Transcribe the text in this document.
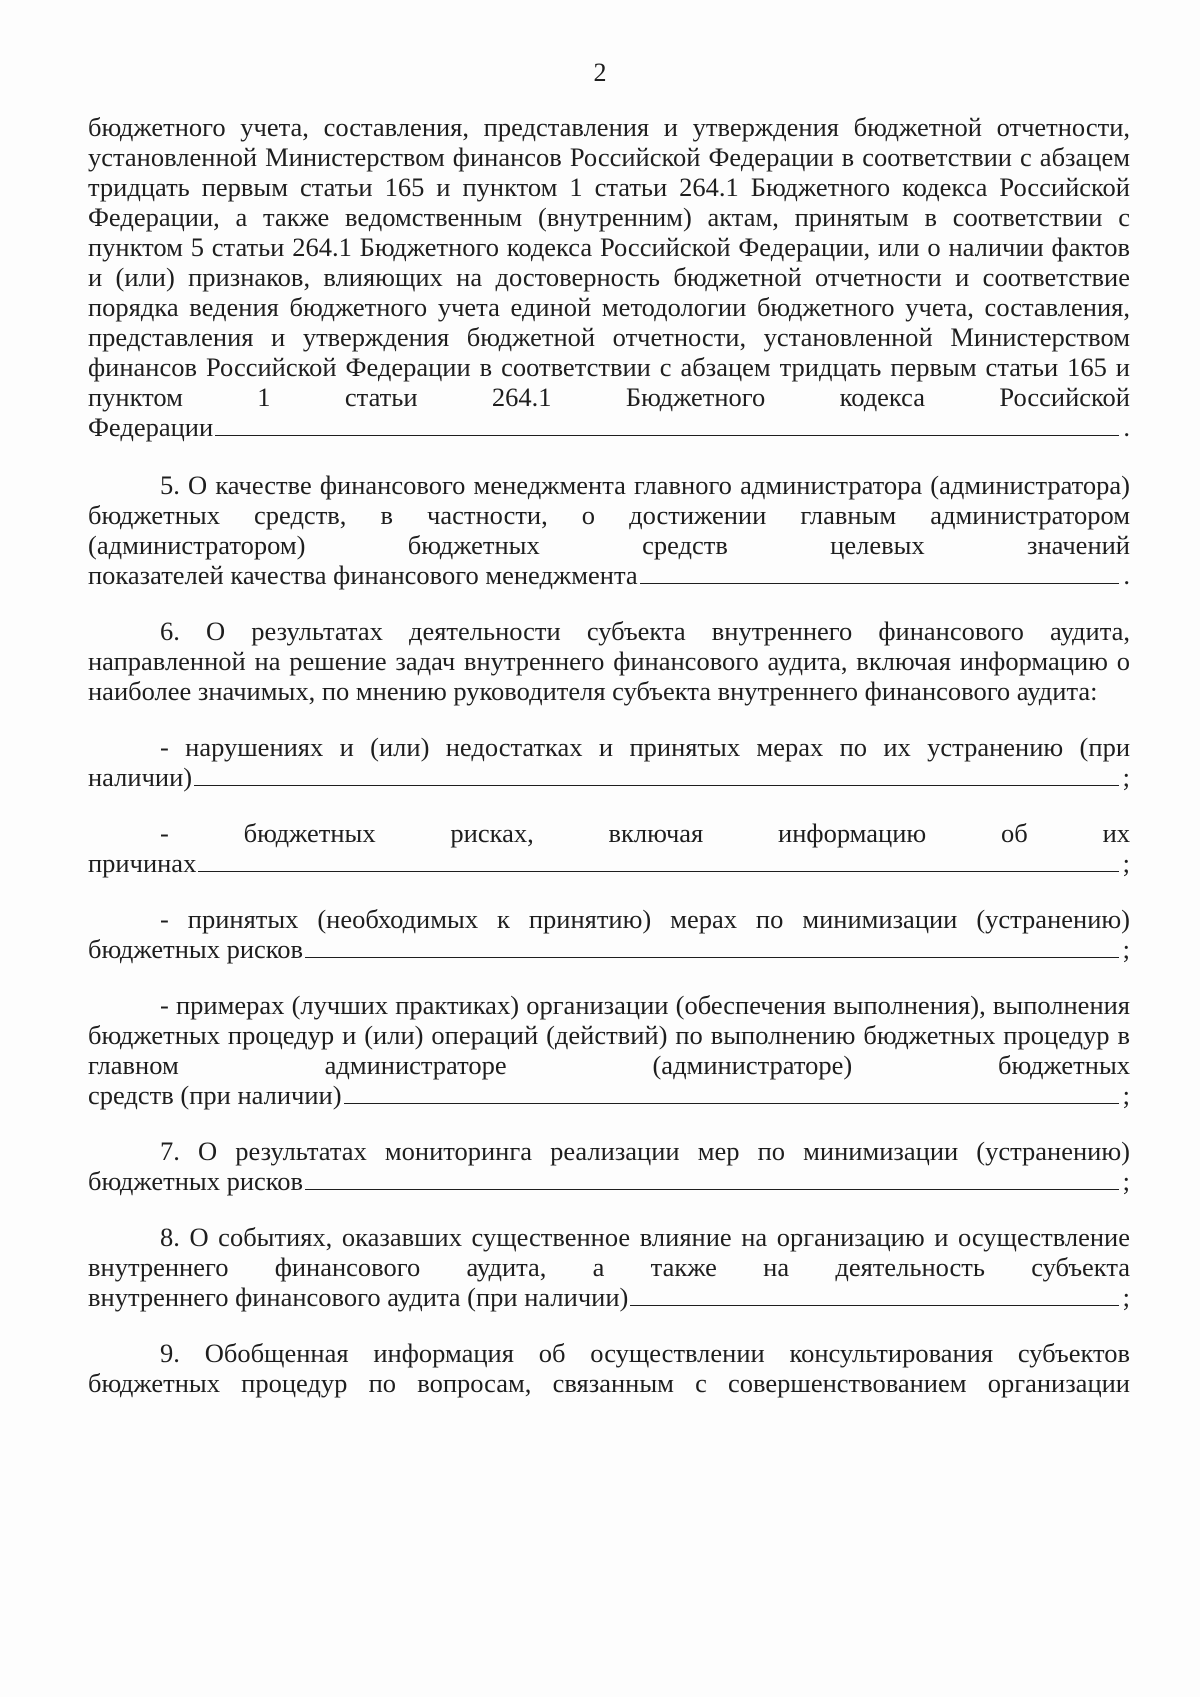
2
бюджетного учета, составления, представления и утверждения бюджетной отчетности, установленной Министерством финансов Российской Федерации в соответствии с абзацем тридцать первым статьи 165 и пунктом 1 статьи 264.1 Бюджетного кодекса Российской Федерации, а также ведомственным (внутренним) актам, принятым в соответствии с пунктом 5 статьи 264.1 Бюджетного кодекса Российской Федерации, или о наличии фактов и (или) признаков, влияющих на достоверность бюджетной отчетности и соответствие порядка ведения бюджетного учета единой методологии бюджетного учета, составления, представления и утверждения бюджетной отчетности, установленной Министерством финансов Российской Федерации в соответствии с абзацем тридцать первым статьи 165 и
пунктом	1	статьи	264.1	Бюджетного	кодекса	Российской
Федерации	.
5. О качестве финансового менеджмента главного администратора (администратора) бюджетных средств, в частности, о достижении главным администратором (администратором) бюджетных средств целевых значений
показателей качества финансового менеджмента	.
6. О результатах деятельности субъекта внутреннего финансового аудита, направленной на решение задач внутреннего финансового аудита, включая информацию о наиболее значимых, по мнению руководителя субъекта внутреннего финансового аудита:
- нарушениях и (или) недостатках и принятых мерах по их устранению (при
наличии)	;
-	бюджетных	рисках,	включая	информацию	об	их
причинах	;
- принятых (необходимых к принятию) мерах по минимизации (устранению)
бюджетных рисков	;
- примерах (лучших практиках) организации (обеспечения выполнения), выполнения бюджетных процедур и (или) операций (действий) по выполнению бюджетных процедур в главном администраторе (администраторе) бюджетных
средств (при наличии)	;
7. О результатах мониторинга реализации мер по минимизации (устранению)
бюджетных рисков	;
8. О событиях, оказавших существенное влияние на организацию и осуществление внутреннего финансового аудита, а также на деятельность субъекта
внутреннего финансового аудита (при наличии)	;
9. Обобщенная информация об осуществлении консультирования субъектов бюджетных процедур по вопросам, связанным с совершенствованием организации
